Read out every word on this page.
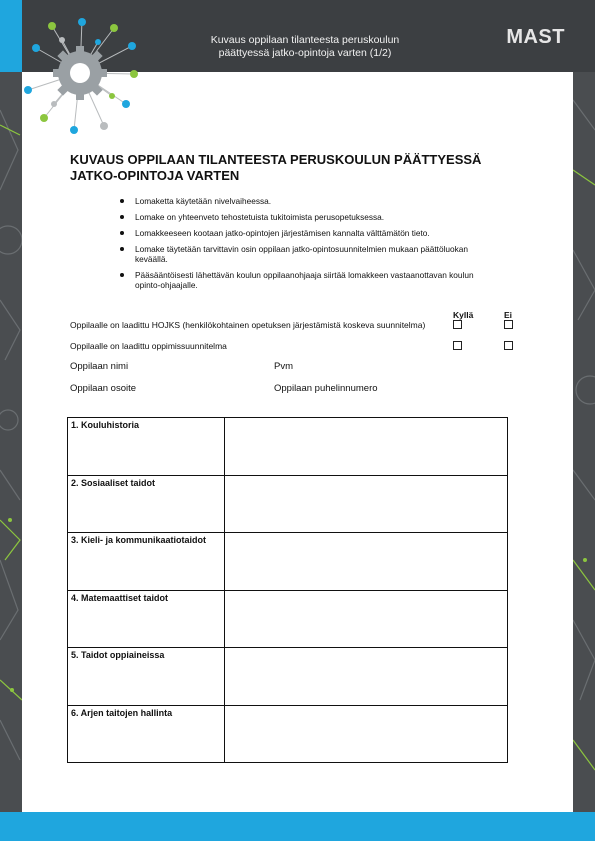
Kuvaus oppilaan tilanteesta peruskoulun
päättyessä jatko-opintoja varten (1/2)
MAST
KUVAUS OPPILAAN TILANTEESTA PERUSKOULUN PÄÄTTYESSÄ
JATKO-OPINTOJA VARTEN
Lomaketta käytetään nivelvaiheessa.
Lomake on yhteenveto tehostetuista tukitoimista perusopetuksessa.
Lomakkeeseen kootaan jatko-opintojen järjestämisen kannalta välttämätön tieto.
Lomake täytetään tarvittavin osin oppilaan jatko-opintosuunnitelmien mukaan päättöluokan keväällä.
Pääsääntöisesti lähettävän koulun oppilaanohjaaja siirtää lomakkeen vastaanottavan koulun opinto-ohjaajalle.
Kyllä	Ei
Oppilaalle on laadittu HOJKS (henkilökohtainen opetuksen järjestämistä koskeva suunnitelma)
Oppilaalle on laadittu oppimissuunnitelma
Oppilaan nimi	Pvm
Oppilaan osoite	Oppilaan puhelinnumero
1. Kouluhistoria	
2. Sosiaaliset taidot	
3. Kieli- ja kommunikaatiotaidot	
4. Matemaattiset taidot	
5. Taidot oppiaineissa	
6. Arjen taitojen hallinta	
